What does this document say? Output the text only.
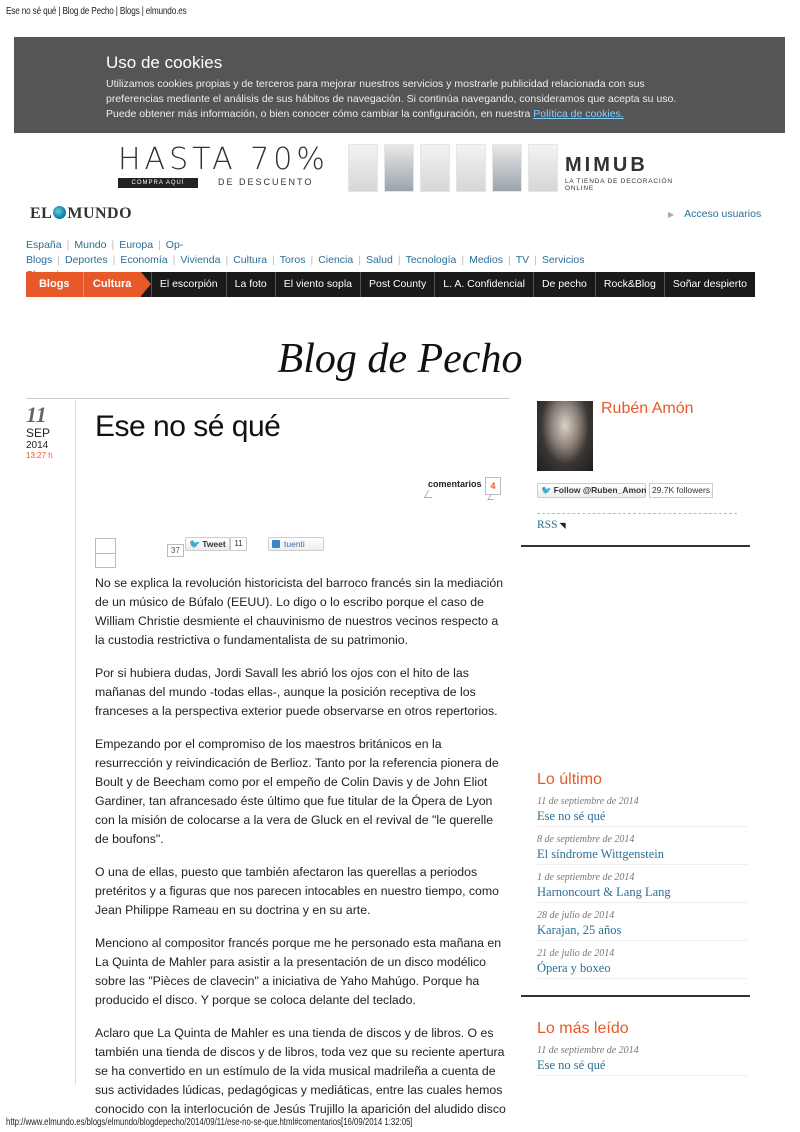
Ese no sé qué | Blog de Pecho | Blogs | elmundo.es
Uso de cookies
Utilizamos cookies propias y de terceros para mejorar nuestros servicios y mostrarle publicidad relacionada con sus preferencias mediante el análisis de sus hábitos de navegación. Si continúa navegando, consideramos que acepta su uso. Puede obtener más información, o bien conocer cómo cambiar la configuración, en nuestra Política de cookies.
HASTA 70%
COMPRA AQUÍ	DE DESCUENTO
MIMUB
LA TIENDA DE DECORACIÓN ONLINE
EL MUNDO	▶ Acceso usuarios
España | Mundo | Europa | Op-Blogs | Deportes | Economía | Vivienda | Cultura | Toros | Ciencia | Salud | Tecnología | Medios | TV | Servicios

Blogs	Cultura	El escorpión	La foto	El viento sopla	Post County	L. A. Confidencial	De pecho	Rock&Blog	Soñar despierto
Blog de Pecho
11
SEP
2014
13:27 h
Ese no sé qué
comentarios 4
37
🐦 Tweet	11	tuenti

No se explica la revolución historicista del barroco francés sin la mediación de un músico de Búfalo (EEUU). Lo digo o lo escribo porque el caso de William Christie desmiente el chauvinismo de nuestros vecinos respecto a la custodia restrictiva o fundamentalista de su patrimonio.

Por si hubiera dudas, Jordi Savall les abrió los ojos con el hito de las mañanas del mundo -todas ellas-, aunque la posición receptiva de los franceses a la perspectiva exterior puede observarse en otros repertorios.

Empezando por el compromiso de los maestros británicos en la resurrección y reivindicación de Berlioz. Tanto por la referencia pionera de Boult y de Beecham como por el empeño de Colin Davis y de John Eliot Gardiner, tan afrancesado éste último que fue titular de la Ópera de Lyon con la misión de colocarse a la vera de Gluck en el revival de "le querelle de boufons".

O una de ellas, puesto que también afectaron las querellas a periodos pretéritos y a figuras que nos parecen intocables en nuestro tiempo, como Jean Philippe Rameau en su doctrina y en su arte.

Menciono al compositor francés porque me he personado esta mañana en La Quinta de Mahler para asistir a la presentación de un disco modélico sobre las "Pièces de clavecin" a iniciativa de Yaho Mahúgo. Porque ha producido el disco. Y porque se coloca delante del teclado.

Aclaro que La Quinta de Mahler es una tienda de discos y de libros. O es también una tienda de discos y de libros, toda vez que su reciente apertura se ha convertido en un estímulo de la vida musical madrileña a cuenta de sus actividades lúdicas, pedagógicas y mediáticas, entre las cuales hemos conocido con la interlocución de Jesús Trujillo la aparición del aludido disco

Rubén Amón
🐦 Follow @Ruben_Amon 29.7K followers
RSS ◥
Lo último
11 de septiembre de 2014
Ese no sé qué
8 de septiembre de 2014
El síndrome Wittgenstein
1 de septiembre de 2014
Harnoncourt & Lang Lang
28 de julio de 2014
Karajan, 25 años
21 de julio de 2014
Ópera y boxeo
Lo más leído
11 de septiembre de 2014
Ese no sé qué
http://www.elmundo.es/blogs/elmundo/blogdepecho/2014/09/11/ese-no-se-que.html#comentarios[16/09/2014 1:32:05]
